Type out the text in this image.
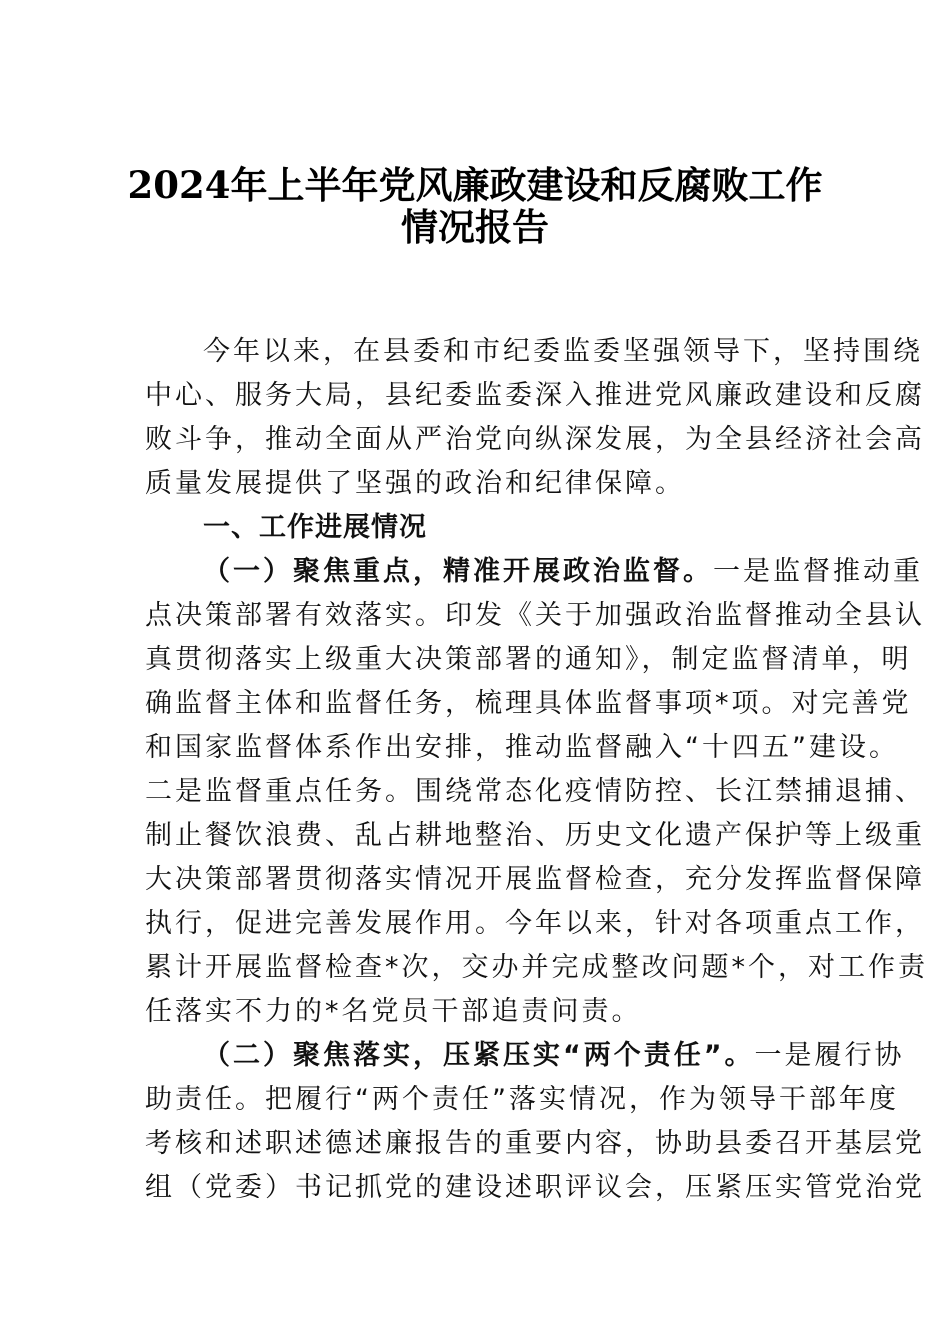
2024年上半年党风廉政建设和反腐败工作
情况报告
今年以来，在县委和市纪委监委坚强领导下，坚持围绕
中心、服务大局，县纪委监委深入推进党风廉政建设和反腐
败斗争，推动全面从严治党向纵深发展，为全县经济社会高
质量发展提供了坚强的政治和纪律保障。
一、工作进展情况
（一）聚焦重点，精准开展政治监督。一是监督推动重
点决策部署有效落实。印发《关于加强政治监督推动全县认
真贯彻落实上级重大决策部署的通知》，制定监督清单，明
确监督主体和监督任务，梳理具体监督事项*项。对完善党
和国家监督体系作出安排，推动监督融入“十四五”建设。
二是监督重点任务。围绕常态化疫情防控、长江禁捕退捕、
制止餐饮浪费、乱占耕地整治、历史文化遗产保护等上级重
大决策部署贯彻落实情况开展监督检查，充分发挥监督保障
执行，促进完善发展作用。今年以来，针对各项重点工作，
累计开展监督检查*次，交办并完成整改问题*个，对工作责
任落实不力的*名党员干部追责问责。
（二）聚焦落实，压紧压实“两个责任”。一是履行协
助责任。把履行“两个责任”落实情况，作为领导干部年度
考核和述职述德述廉报告的重要内容，协助县委召开基层党
组（党委）书记抓党的建设述职评议会，压紧压实管党治党
